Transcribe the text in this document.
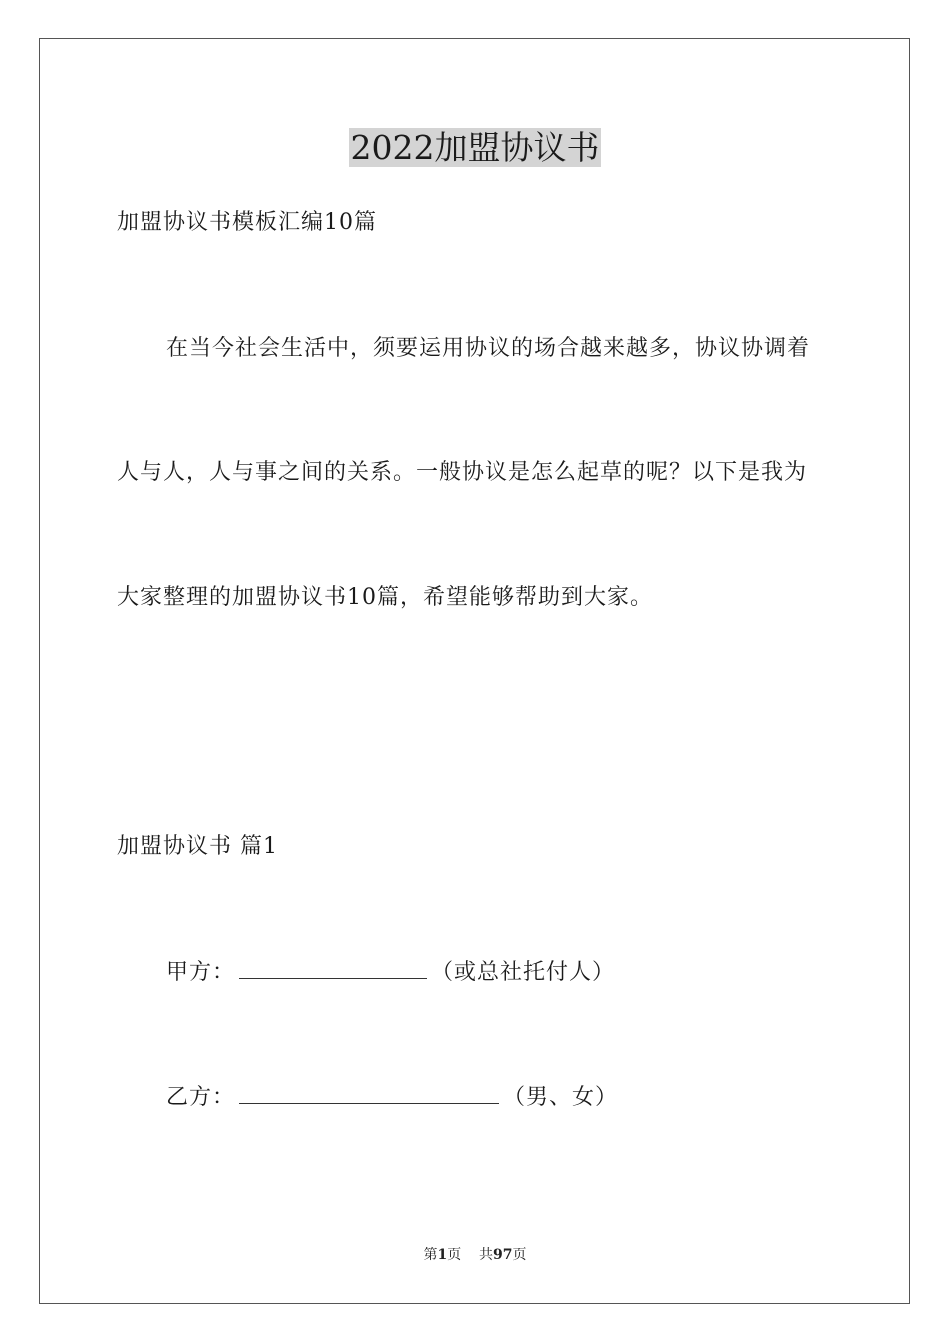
2022加盟协议书
加盟协议书模板汇编10篇
在当今社会生活中，须要运用协议的场合越来越多，协议协调着
人与人，人与事之间的关系。一般协议是怎么起草的呢？以下是我为
大家整理的加盟协议书10篇，希望能够帮助到大家。
加盟协议书 篇1
甲方：	（或总社托付人）
乙方：	（男、女）
第1页 共97页
